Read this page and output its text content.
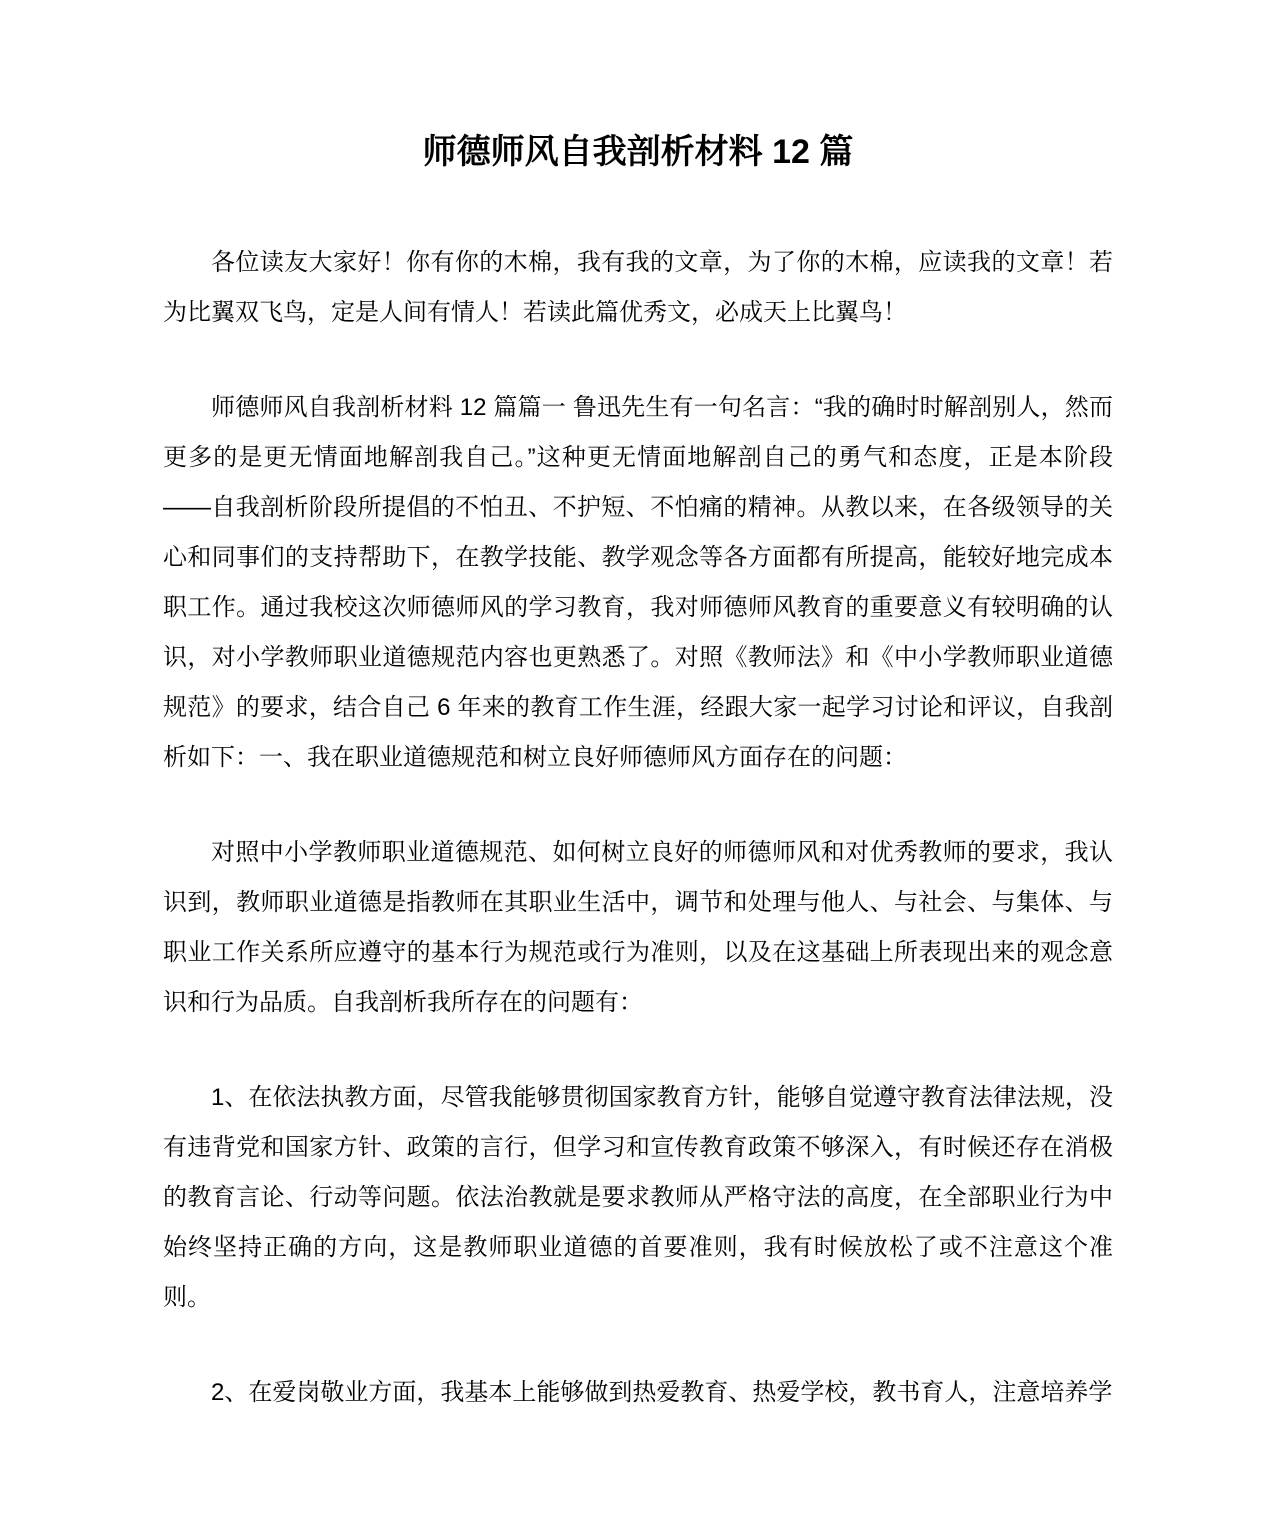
师德师风自我剖析材料 12 篇

各位读友大家好！你有你的木棉，我有我的文章，为了你的木棉，应读我的文章！若为比翼双飞鸟，定是人间有情人！若读此篇优秀文，必成天上比翼鸟！

师德师风自我剖析材料 12 篇篇一 鲁迅先生有一句名言：“我的确时时解剖别人，然而更多的是更无情面地解剖我自己。”这种更无情面地解剖自己的勇气和态度，正是本阶段——自我剖析阶段所提倡的不怕丑、不护短、不怕痛的精神。从教以来，在各级领导的关心和同事们的支持帮助下，在教学技能、教学观念等各方面都有所提高，能较好地完成本职工作。通过我校这次师德师风的学习教育，我对师德师风教育的重要意义有较明确的认识，对小学教师职业道德规范内容也更熟悉了。对照《教师法》和《中小学教师职业道德规范》的要求，结合自己 6 年来的教育工作生涯，经跟大家一起学习讨论和评议，自我剖析如下：一、我在职业道德规范和树立良好师德师风方面存在的问题：

对照中小学教师职业道德规范、如何树立良好的师德师风和对优秀教师的要求，我认识到，教师职业道德是指教师在其职业生活中，调节和处理与他人、与社会、与集体、与职业工作关系所应遵守的基本行为规范或行为准则，以及在这基础上所表现出来的观念意识和行为品质。自我剖析我所存在的问题有：

1、在依法执教方面，尽管我能够贯彻国家教育方针，能够自觉遵守教育法律法规，没有违背党和国家方针、政策的言行，但学习和宣传教育政策不够深入，有时候还存在消极的教育言论、行动等问题。依法治教就是要求教师从严格守法的高度，在全部职业行为中始终坚持正确的方向，这是教师职业道德的首要准则，我有时候放松了或不注意这个准则。

2、在爱岗敬业方面，我基本上能够做到热爱教育、热爱学校，教书育人，注意培养学
